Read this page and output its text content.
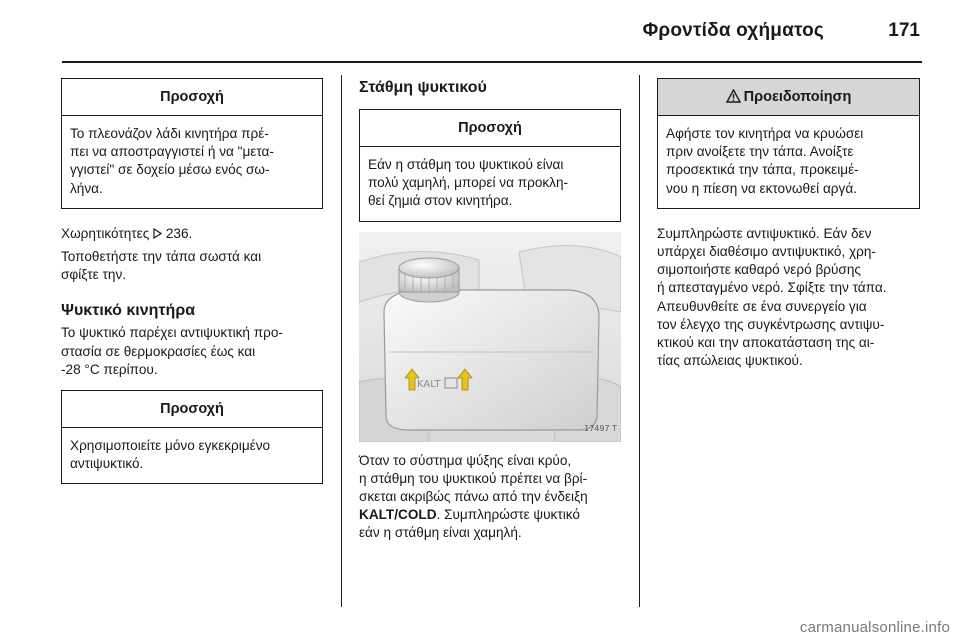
Φροντίδα οχήματος	171
Προσοχή

Το πλεονάζον λάδι κινητήρα πρέ-

πει να αποστραγγιστεί ή να "μετα-

γγιστεί" σε δοχείο μέσω ενός σω-

λήνα.

Χωρητικότητες 236.

Τοποθετήστε την τάπα σωστά και

σφίξτε την.

Ψυκτικό κινητήρα

Το ψυκτικό παρέχει αντιψυκτική προ-

στασία σε θερμοκρασίες έως και

-28 °C περίπου.

Προσοχή

Χρησιμοποιείτε μόνο εγκεκριμένο

αντιψυκτικό.

Στάθμη ψυκτικού
Προσοχή

Εάν η στάθμη του ψυκτικού είναι

πολύ χαμηλή, μπορεί να προκλη-

θεί ζημιά στον κινητήρα.

KALT
17497 T

Όταν το σύστημα ψύξης είναι κρύο,

η στάθμη του ψυκτικού πρέπει να βρί-

σκεται ακριβώς πάνω από την ένδειξη

KALT/COLD. Συμπληρώστε ψυκτικό

εάν η στάθμη είναι χαμηλή.

Προειδοποίηση

Αφήστε τον κινητήρα να κρυώσει

πριν ανοίξετε την τάπα. Ανοίξτε

προσεκτικά την τάπα, προκειμέ-

νου η πίεση να εκτονωθεί αργά.

Συμπληρώστε αντιψυκτικό. Εάν δεν

υπάρχει διαθέσιμο αντιψυκτικό, χρη-

σιμοποιήστε καθαρό νερό βρύσης

ή απεσταγμένο νερό. Σφίξτε την τάπα.

Απευθυνθείτε σε ένα συνεργείο για

τον έλεγχο της συγκέντρωσης αντιψυ-

κτικού και την αποκατάσταση της αι-

τίας απώλειας ψυκτικού.

carmanualsonline.info
